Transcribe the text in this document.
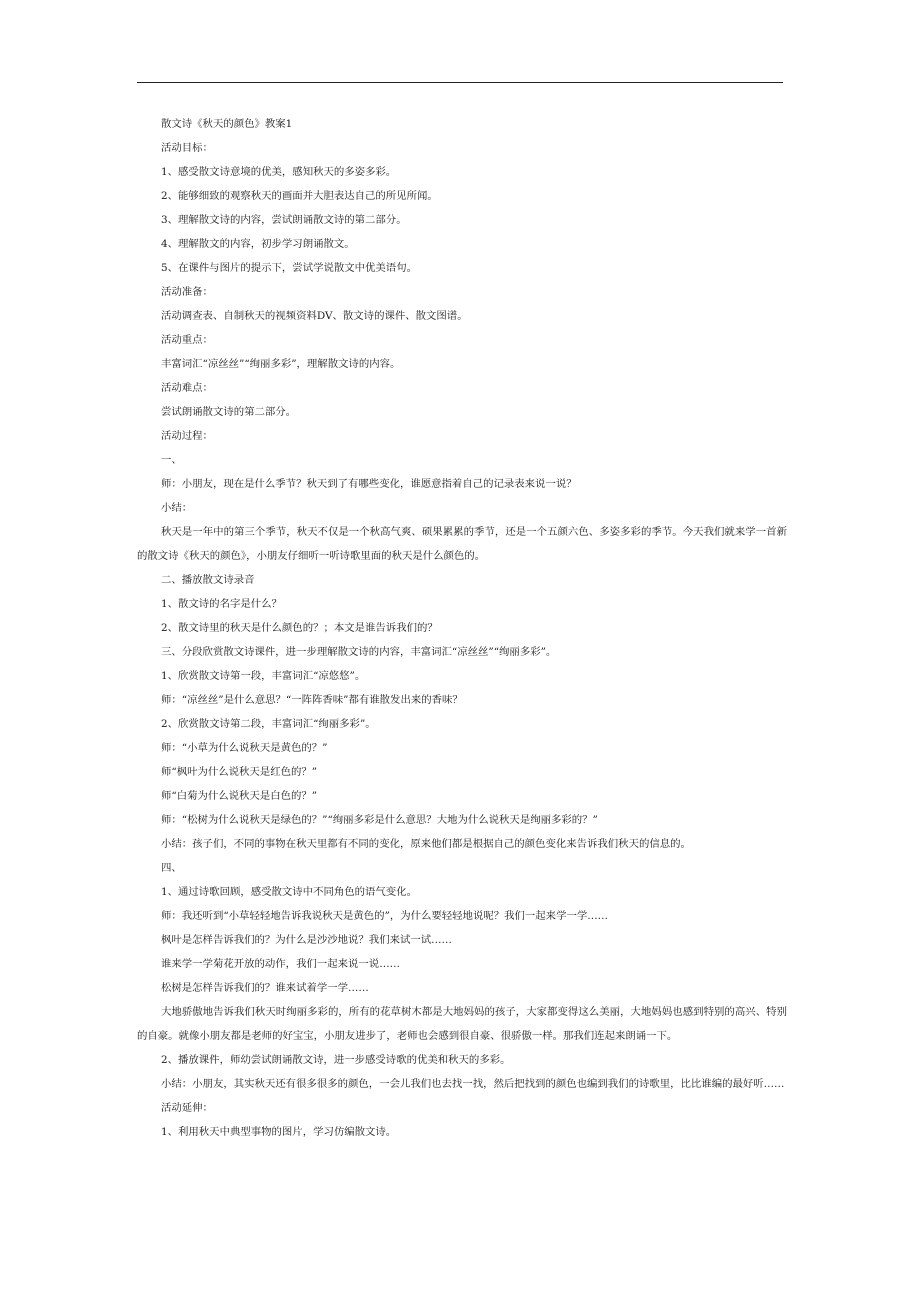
散文诗《秋天的颜色》教案1

活动目标：

1、感受散文诗意境的优美，感知秋天的多姿多彩。

2、能够细致的观察秋天的画面并大胆表达自己的所见所闻。

3、理解散文诗的内容，尝试朗诵散文诗的第二部分。

4、理解散文的内容，初步学习朗诵散文。

5、在课件与图片的提示下，尝试学说散文中优美语句。

活动准备：

活动调查表、自制秋天的视频资料DV、散文诗的课件、散文图谱。

活动重点：

丰富词汇“凉丝丝”“绚丽多彩”，理解散文诗的内容。

活动难点：

尝试朗诵散文诗的第二部分。

活动过程：

一、

师：小朋友，现在是什么季节？秋天到了有哪些变化，谁愿意指着自己的记录表来说一说？

小结：

秋天是一年中的第三个季节，秋天不仅是一个秋高气爽、硕果累累的季节，还是一个五颜六色、多姿多彩的季节。今天我们就来学一首新的散文诗《秋天的颜色》，小朋友仔细听一听诗歌里面的秋天是什么颜色的。

二、播放散文诗录音

1、散文诗的名字是什么？

2、散文诗里的秋天是什么颜色的？；本文是谁告诉我们的？

三、分段欣赏散文诗课件，进一步理解散文诗的内容，丰富词汇“凉丝丝”“绚丽多彩”。

1、欣赏散文诗第一段，丰富词汇“凉悠悠”。

师：“凉丝丝”是什么意思？“一阵阵香味”都有谁散发出来的香味？

2、欣赏散文诗第二段，丰富词汇“绚丽多彩”。

师：“小草为什么说秋天是黄色的？”

师“枫叶为什么说秋天是红色的？”

师“白菊为什么说秋天是白色的？”

师：“松树为什么说秋天是绿色的？”“绚丽多彩是什么意思？大地为什么说秋天是绚丽多彩的？”

小结：孩子们，不同的事物在秋天里都有不同的变化，原来他们都是根据自己的颜色变化来告诉我们秋天的信息的。

四、

1、通过诗歌回顾，感受散文诗中不同角色的语气变化。

师：我还听到“小草轻轻地告诉我说秋天是黄色的”，为什么要轻轻地说呢？我们一起来学一学……

枫叶是怎样告诉我们的？为什么是沙沙地说？我们来试一试……

谁来学一学菊花开放的动作，我们一起来说一说……

松树是怎样告诉我们的？谁来试着学一学……

大地骄傲地告诉我们秋天时绚丽多彩的，所有的花草树木都是大地妈妈的孩子，大家都变得这么美丽，大地妈妈也感到特别的高兴、特别的自豪。就像小朋友都是老师的好宝宝，小朋友进步了，老师也会感到很自豪、很骄傲一样。那我们连起来朗诵一下。

2、播放课件，师幼尝试朗诵散文诗，进一步感受诗歌的优美和秋天的多彩。

小结：小朋友，其实秋天还有很多很多的颜色，一会儿我们也去找一找，然后把找到的颜色也编到我们的诗歌里，比比谁编的最好听……

活动延伸：

1、利用秋天中典型事物的图片，学习仿编散文诗。
